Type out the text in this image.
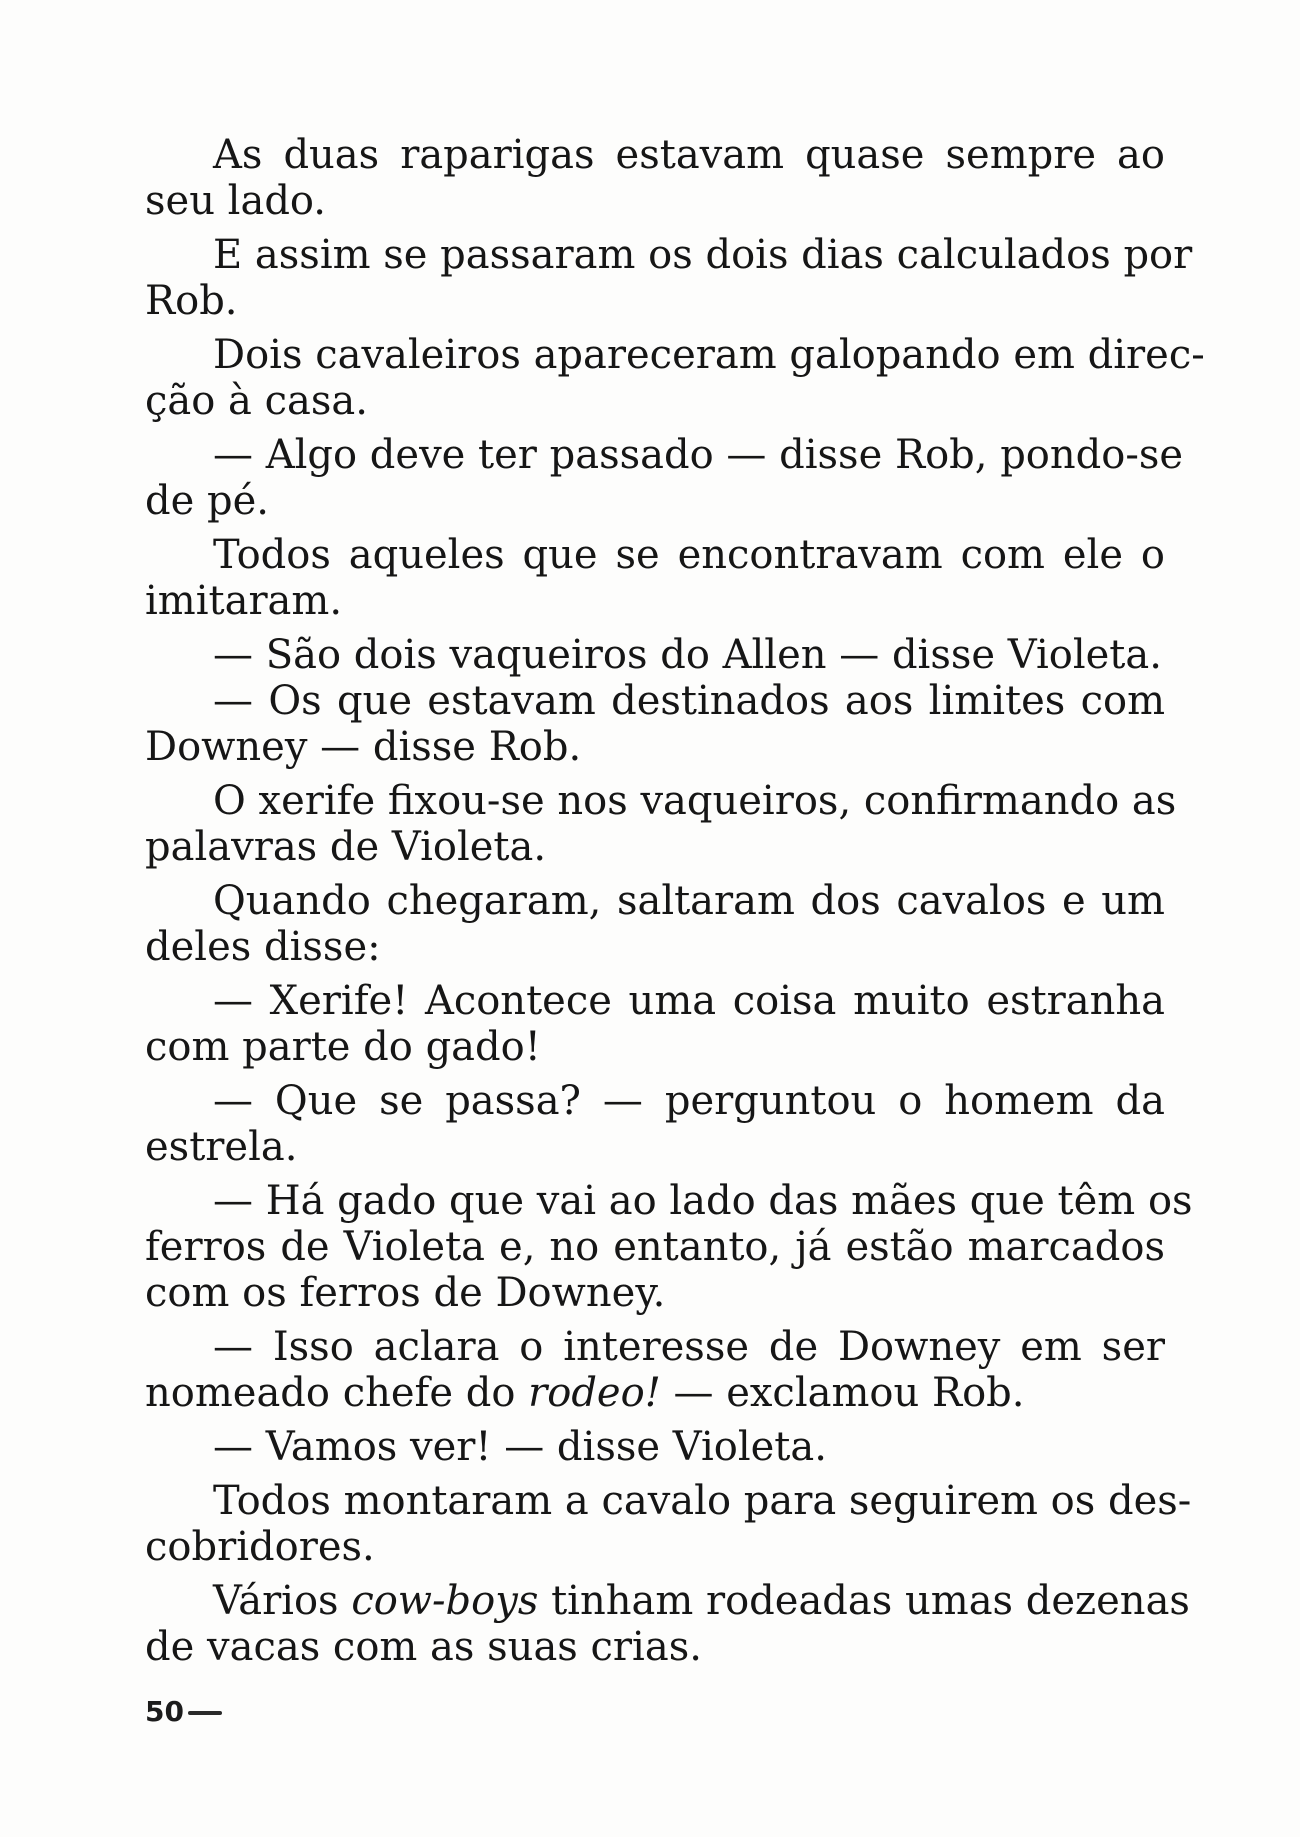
As duas raparigas estavam quase sempre ao
seu lado.
E assim se passaram os dois dias calculados por
Rob.
Dois cavaleiros apareceram galopando em direc-
ção à casa.
— Algo deve ter passado — disse Rob, pondo-se
de pé.
Todos aqueles que se encontravam com ele o
imitaram.
— São dois vaqueiros do Allen — disse Violeta.
— Os que estavam destinados aos limites com
Downey — disse Rob.
O xerife fixou-se nos vaqueiros, confirmando as
palavras de Violeta.
Quando chegaram, saltaram dos cavalos e um
deles disse:
— Xerife! Acontece uma coisa muito estranha
com parte do gado!
— Que se passa? — perguntou o homem da
estrela.
— Há gado que vai ao lado das mães que têm os
ferros de Violeta e, no entanto, já estão marcados
com os ferros de Downey.
— Isso aclara o interesse de Downey em ser
nomeado chefe do rodeo! — exclamou Rob.
— Vamos ver! — disse Violeta.
Todos montaram a cavalo para seguirem os des-
cobridores.
Vários cow-boys tinham rodeadas umas dezenas
de vacas com as suas crias.
50
